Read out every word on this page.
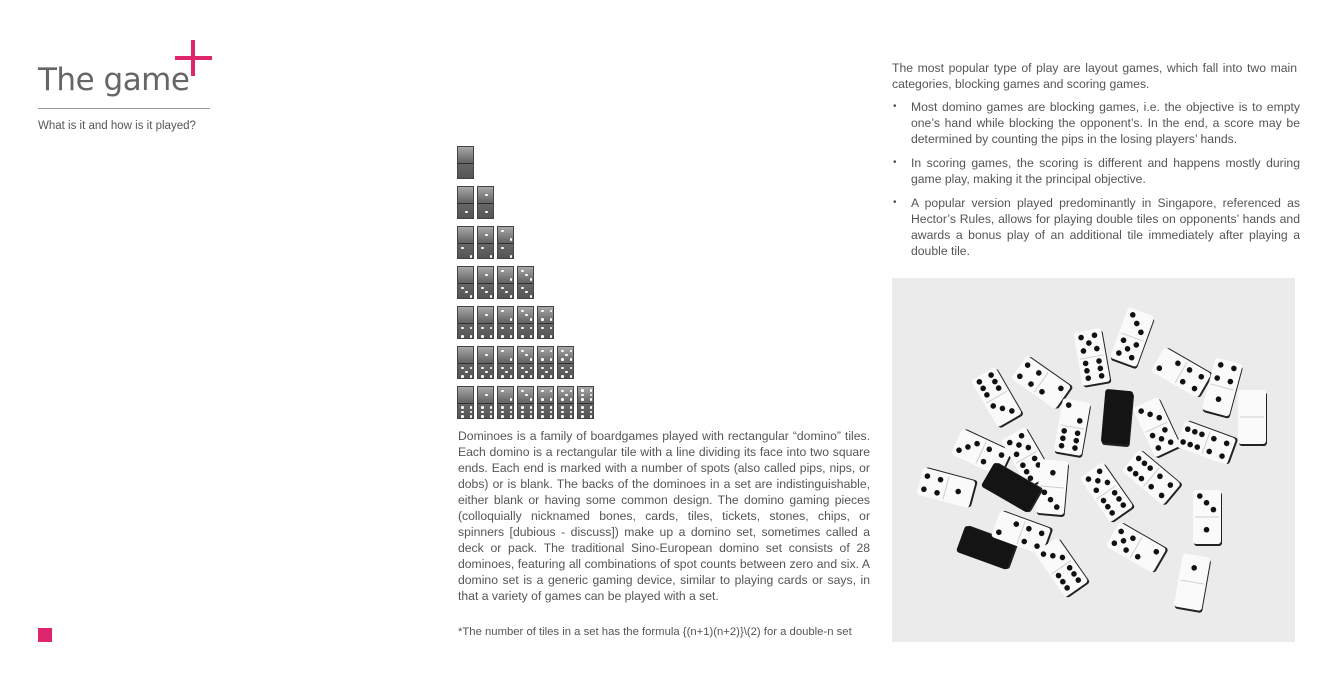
The game
What is it and how is it played?

Dominoes is a family of boardgames played with rectangular “domino” tiles. Each domino is a rectangular tile with a line dividing its face into two square ends. Each end is marked with a number of spots (also called pips, nips, or dobs) or is blank. The backs of the dominoes in a set are indistinguishable, either blank or having some common design. The domino gaming pieces (colloquially nicknamed bones, cards, tiles, tickets, stones, chips, or spinners [dubious - discuss]) make up a domino set, sometimes called a deck or pack. The traditional Sino-European domino set consists of 28 dominoes, featuring all combinations of spot counts between zero and six. A domino set is a generic gaming device, similar to playing cards or says, in that a variety of games can be played with a set.

*The number of tiles in a set has the formula {(n+1)(n+2)}\(2) for a double-n set

The most popular type of play are layout games, which fall into two main categories, blocking games and scoring games.

• Most domino games are blocking games, i.e. the objective is to empty one’s hand while blocking the opponent’s. In the end, a score may be determined by counting the pips in the losing players’ hands.
• In scoring games, the scoring is different and happens mostly during game play, making it the principal objective.
• A popular version played predominantly in Singapore, referenced as Hector’s Rules, allows for playing double tiles on opponents’ hands and awards a bonus play of an additional tile immediately after playing a double tile.
